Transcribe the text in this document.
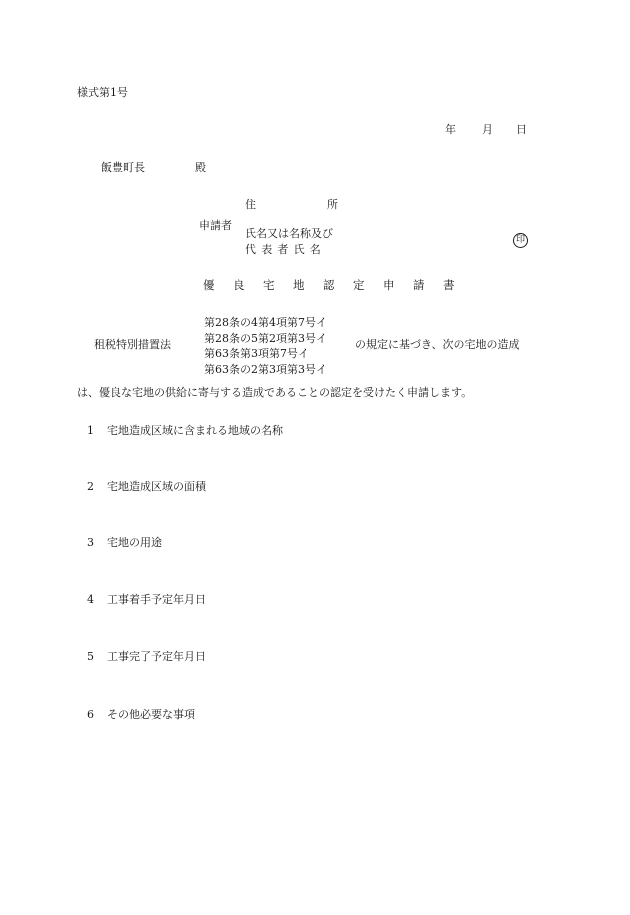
様式第1号
年 月 日
飯豊町長	殿
申請者
住	所
氏名又は名称及び
代表者氏名
印
優良宅地認定申請書
租税特別措置法
第28条の4第4項第7号イ
第28条の5第2項第3号イ
第63条第3項第7号イ
第63条の2第3項第3号イ
の規定に基づき、次の宅地の造成
は、優良な宅地の供給に寄与する造成であることの認定を受けたく申請します。
1 宅地造成区域に含まれる地域の名称
2 宅地造成区域の面積
3 宅地の用途
4 工事着手予定年月日
5 工事完了予定年月日
6 その他必要な事項
